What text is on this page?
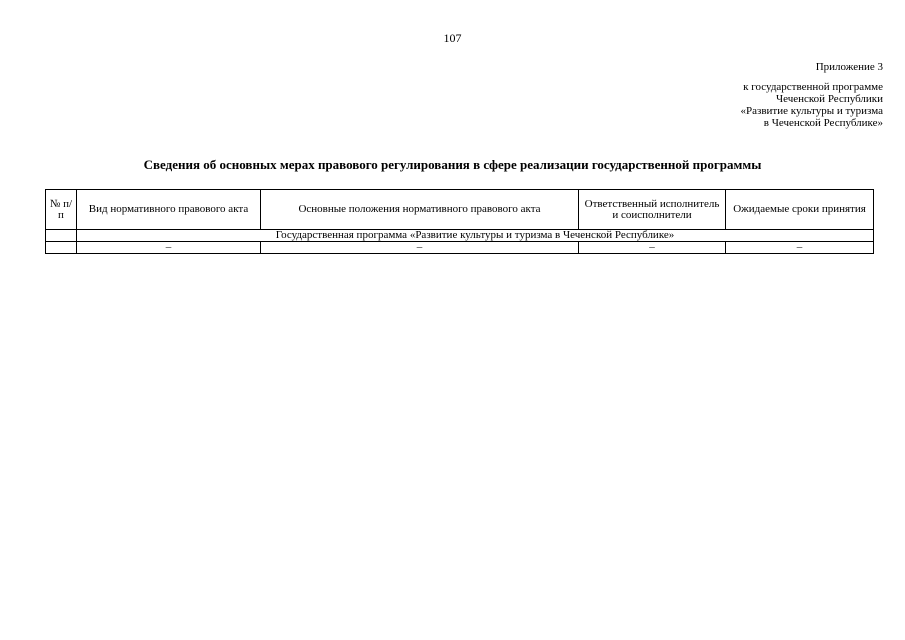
107
Приложение 3
к государственной программе
Чеченской Республики
«Развитие культуры и туризма
в Чеченской Республике»
Сведения об основных мерах правового регулирования в сфере реализации государственной программы
№ п/п	Вид нормативного правового акта	Основные положения нормативного правового акта	Ответственный исполнитель и соисполнители	Ожидаемые сроки принятия
	Государственная программа «Развитие культуры и туризма в Чеченской Республике»			
	–	–	–	–
